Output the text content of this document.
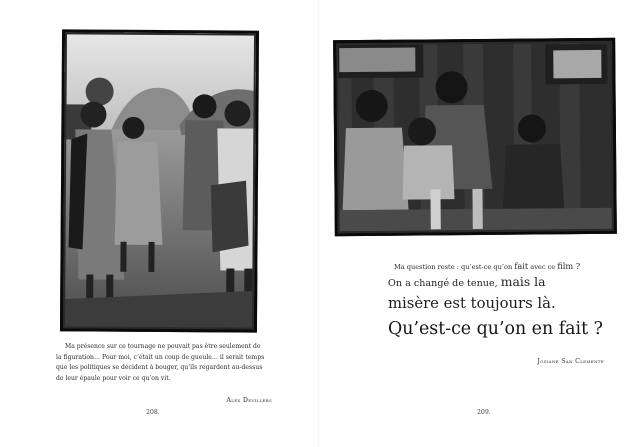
Ma présence sur ce tournage ne pouvait pas être seulement de la figuration… Pour moi, c’était un coup de gueule… il serait temps que les politiques se décident à bouger, qu’ils regardent au-dessus de leur épaule pour voir ce qu’on vit.
Alex Devillers
208.
Ma question reste : qu’est-ce qu’on fait avec ce film ?
On a changé de tenue, mais la
misère est toujours là.
Qu’est-ce qu’on en fait ?
Josiane San Clemente
209.
